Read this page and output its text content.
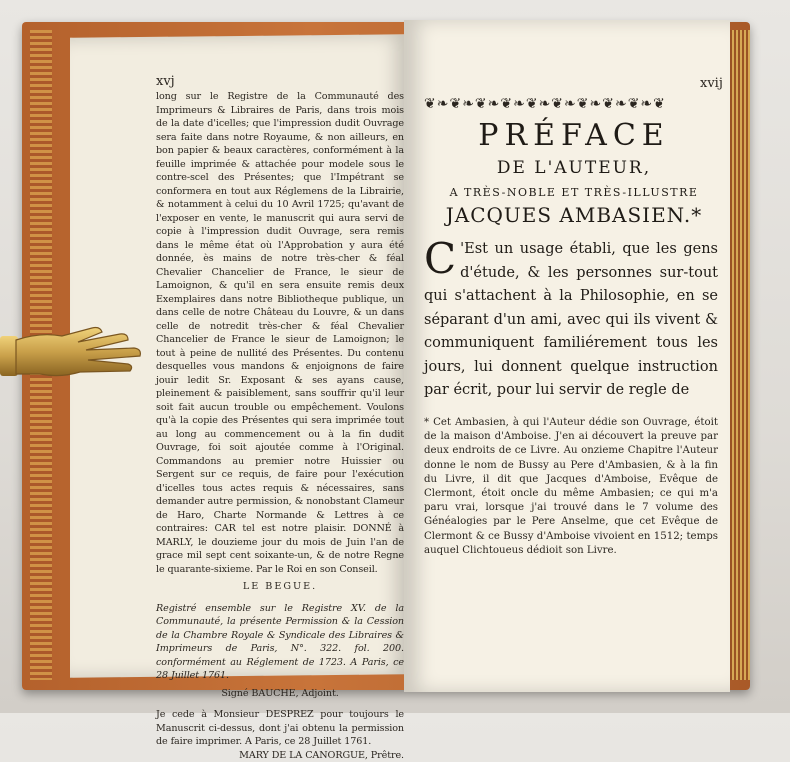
xvj
long sur le Registre de la Communauté des Imprimeurs & Libraires de Paris, dans trois mois de la date d'icelles; que l'impression dudit Ouvrage sera faite dans notre Royaume, & non ailleurs, en bon papier & beaux caractères, conformément à la feuille imprimée & attachée pour modele sous le contre-scel des Présentes; que l'Impétrant se conformera en tout aux Réglemens de la Librairie, & notamment à celui du 10 Avril 1725; qu'avant de l'exposer en vente, le manuscrit qui aura servi de copie à l'impression dudit Ouvrage, sera remis dans le même état où l'Approbation y aura été donnée, ès mains de notre très-cher & féal Chevalier Chancelier de France, le sieur de Lamoignon, & qu'il en sera ensuite remis deux Exemplaires dans notre Bibliotheque publique, un dans celle de notre Château du Louvre, & un dans celle de notredit très-cher & féal Chevalier Chancelier de France le sieur de Lamoignon; le tout à peine de nullité des Présentes. Du contenu desquelles vous mandons & enjoignons de faire jouir ledit Sr. Exposant & ses ayans cause, pleinement & paisiblement, sans souffrir qu'il leur soit fait aucun trouble ou empêchement. Voulons qu'à la copie des Présentes qui sera imprimée tout au long au commencement ou à la fin dudit Ouvrage, foi soit ajoutée comme à l'Original. Commandons au premier notre Huissier ou Sergent sur ce requis, de faire pour l'exécution d'icelles tous actes requis & nécessaires, sans demander autre permission, & nonobstant Clameur de Haro, Charte Normande & Lettres à ce contraires: CAR tel est notre plaisir. DONNÉ à MARLY, le douzieme jour du mois de Juin l'an de grace mil sept cent soixante-un, & de notre Regne le quarante-sixieme. Par le Roi en son Conseil.
LE BEGUE.
Registré ensemble sur le Registre XV. de la Communauté, la présente Permission & la Cession de la Chambre Royale & Syndicale des Libraires & Imprimeurs de Paris, N°. 322. fol. 200. conformément au Réglement de 1723. A Paris, ce 28 Juillet 1761.
Signé BAUCHE, Adjoint.
Je cede à Monsieur DESPREZ pour toujours le Manuscrit ci-dessus, dont j'ai obtenu la permission de faire imprimer. A Paris, ce 28 Juillet 1761.
MARY DE LA CANORGUE, Prêtre.
xvij
❦❧❦❧❦❧❦❧❦❧❦❧❦❧❦❧❦❧❦
PRÉFACE
DE L'AUTEUR,
A TRÈS-NOBLE ET TRÈS-ILLUSTRE
JACQUES AMBASIEN.*
C 'Est un usage établi, que les gens d'étude, & les personnes sur-tout qui s'attachent à la Philosophie, en se séparant d'un ami, avec qui ils vivent & communiquent familiérement tous les jours, lui donnent quelque instruction par écrit, pour lui servir de regle de
* Cet Ambasien, à qui l'Auteur dédie son Ouvrage, étoit de la maison d'Amboise. J'en ai découvert la preuve par deux endroits de ce Livre. Au onzieme Chapitre l'Auteur donne le nom de Bussy au Pere d'Ambasien, & à la fin du Livre, il dit que Jacques d'Amboise, Evêque de Clermont, étoit oncle du même Ambasien; ce qui m'a paru vrai, lorsque j'ai trouvé dans le 7 volume des Généalogies par le Pere Anselme, que cet Evêque de Clermont & ce Bussy d'Amboise vivoient en 1512; temps auquel Clichtoueus dédioit son Livre.
